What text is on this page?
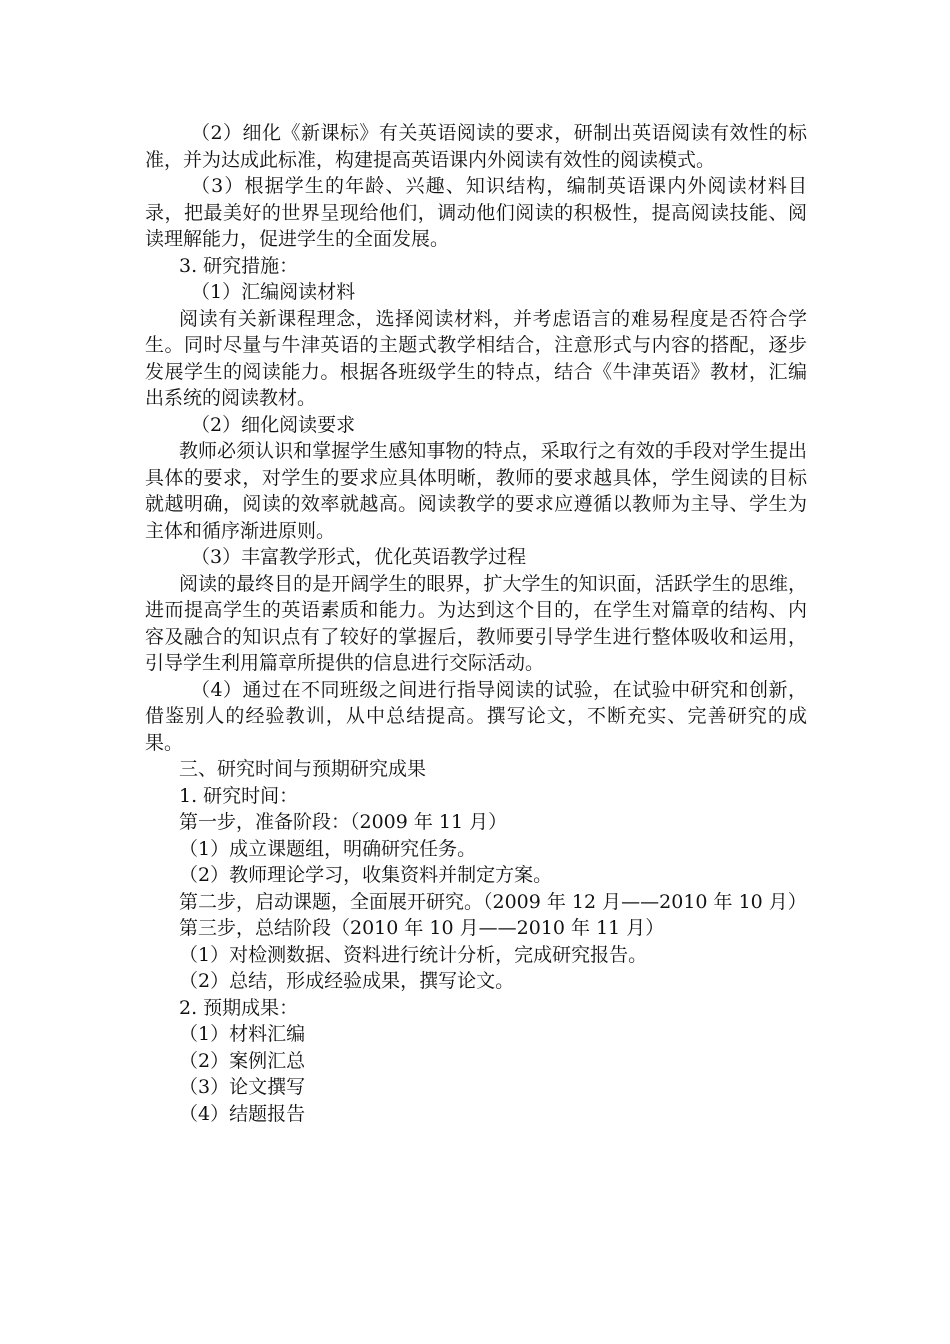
（2）细化《新课标》有关英语阅读的要求，研制出英语阅读有效性的标准，并为达成此标准，构建提高英语课内外阅读有效性的阅读模式。

（3）根据学生的年龄、兴趣、知识结构，编制英语课内外阅读材料目录，把最美好的世界呈现给他们，调动他们阅读的积极性，提高阅读技能、阅读理解能力，促进学生的全面发展。

3. 研究措施：

（1）汇编阅读材料

阅读有关新课程理念，选择阅读材料，并考虑语言的难易程度是否符合学生。同时尽量与牛津英语的主题式教学相结合，注意形式与内容的搭配，逐步发展学生的阅读能力。根据各班级学生的特点，结合《牛津英语》教材，汇编出系统的阅读教材。

（2）细化阅读要求

教师必须认识和掌握学生感知事物的特点，采取行之有效的手段对学生提出具体的要求，对学生的要求应具体明晰，教师的要求越具体，学生阅读的目标就越明确，阅读的效率就越高。阅读教学的要求应遵循以教师为主导、学生为主体和循序渐进原则。

（3）丰富教学形式，优化英语教学过程

阅读的最终目的是开阔学生的眼界，扩大学生的知识面，活跃学生的思维，进而提高学生的英语素质和能力。为达到这个目的，在学生对篇章的结构、内容及融合的知识点有了较好的掌握后，教师要引导学生进行整体吸收和运用，引导学生利用篇章所提供的信息进行交际活动。

（4）通过在不同班级之间进行指导阅读的试验，在试验中研究和创新，借鉴别人的经验教训，从中总结提高。撰写论文，不断充实、完善研究的成果。

三、研究时间与预期研究成果

1. 研究时间：

第一步，准备阶段：（2009 年 11 月）

（1）成立课题组，明确研究任务。

（2）教师理论学习，收集资料并制定方案。

第二步，启动课题，全面展开研究。（2009 年 12 月——2010 年 10 月）

第三步，总结阶段（2010 年 10 月——2010 年 11 月）

（1）对检测数据、资料进行统计分析，完成研究报告。

（2）总结，形成经验成果，撰写论文。

2. 预期成果：

（1）材料汇编

（2）案例汇总

（3）论文撰写

（4）结题报告
